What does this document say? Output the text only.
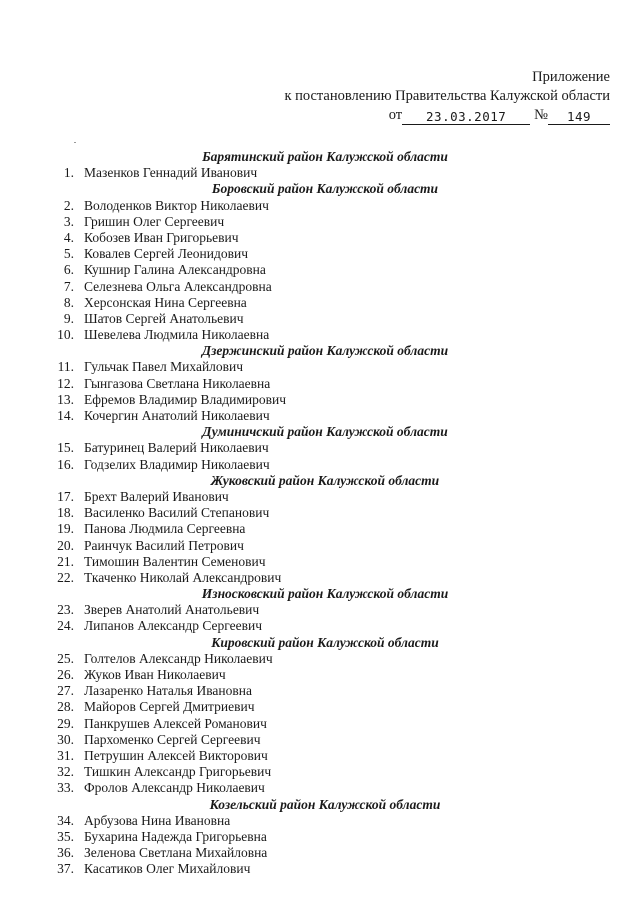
Приложение
к постановлению Правительства Калужской области
от	23.03.2017	№	149
Барятинский район Калужской области
1. Мазенков Геннадий Иванович
Боровский район Калужской области
2. Володенков Виктор Николаевич
3. Гришин Олег Сергеевич
4. Кобозев Иван Григорьевич
5. Ковалев Сергей Леонидович
6. Кушнир Галина Александровна
7. Селезнева Ольга Александровна
8. Херсонская Нина Сергеевна
9. Шатов Сергей Анатольевич
10. Шевелева Людмила Николаевна
Дзержинский район Калужской области
11. Гульчак Павел Михайлович
12. Гынгазова Светлана Николаевна
13. Ефремов Владимир Владимирович
14. Кочергин Анатолий Николаевич
Думиничский район Калужской области
15. Батуринец Валерий Николаевич
16. Годзелих Владимир Николаевич
Жуковский район Калужской области
17. Брехт Валерий Иванович
18. Василенко Василий Степанович
19. Панова Людмила Сергеевна
20. Раинчук Василий Петрович
21. Тимошин Валентин Семенович
22. Ткаченко Николай Александрович
Износковский район Калужской области
23. Зверев Анатолий Анатольевич
24. Липанов Александр Сергеевич
Кировский район Калужской области
25. Голтелов Александр Николаевич
26. Жуков Иван Николаевич
27. Лазаренко Наталья Ивановна
28. Майоров Сергей Дмитриевич
29. Панкрушев Алексей Романович
30. Пархоменко Сергей Сергеевич
31. Петрушин Алексей Викторович
32. Тишкин Александр Григорьевич
33. Фролов Александр Николаевич
Козельский район Калужской области
34. Арбузова Нина Ивановна
35. Бухарина Надежда Григорьевна
36. Зеленова Светлана Михайловна
37. Касатиков Олег Михайлович
